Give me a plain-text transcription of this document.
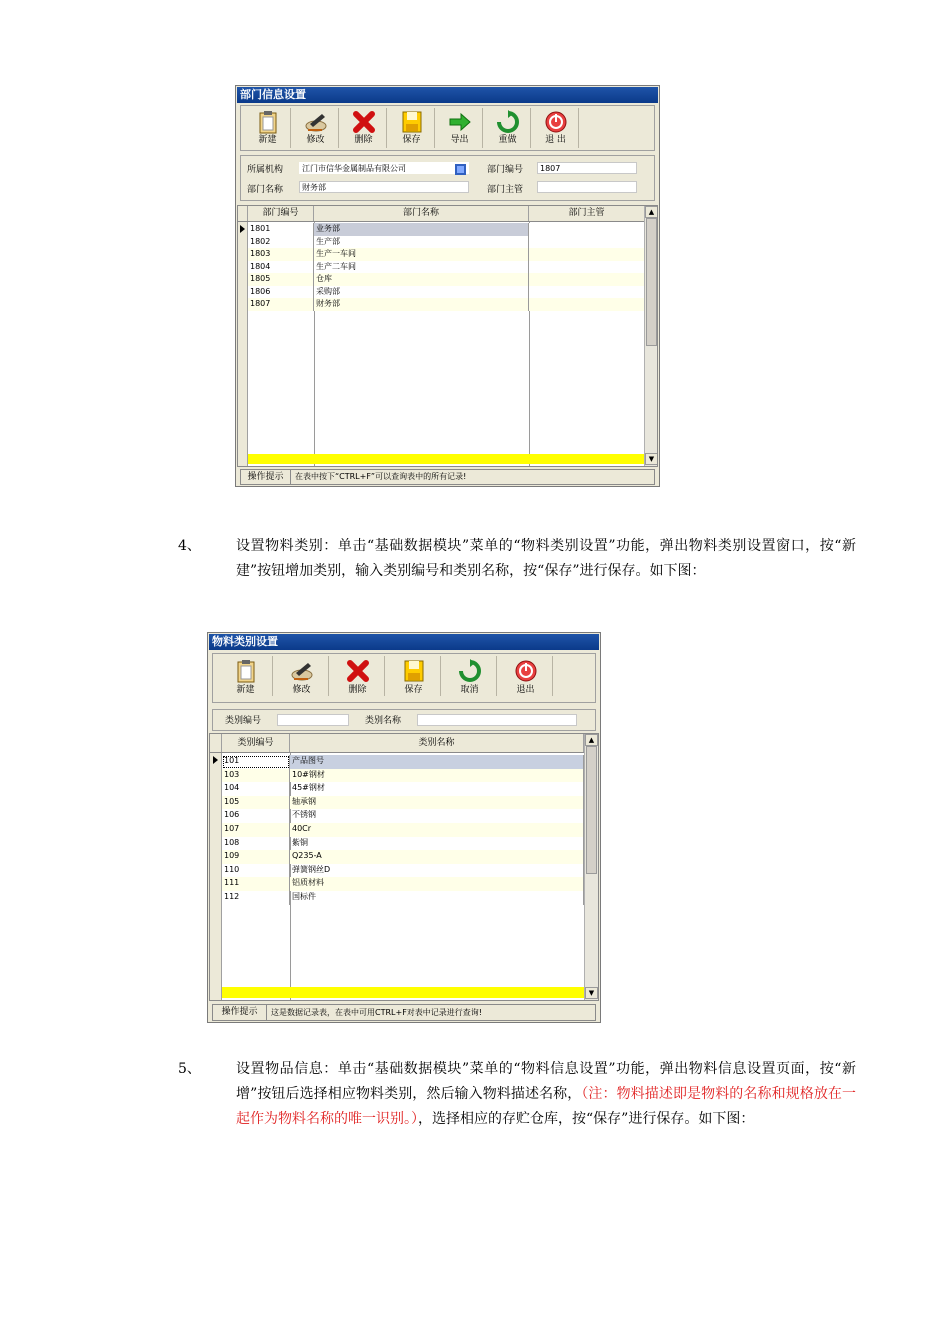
部门信息设置
新建	修改	删除	保存	导出	重做	退 出
所属机构	江门市信华金属制品有限公司	部门编号	1807
部门名称	财务部	部门主管
部门编号	部门名称	部门主管
1801	业务部
1802	生产部
1803	生产一车间
1804	生产二车间
1805	仓库
1806	采购部
1807	财务部
▲
▼
操作提示	在表中按下“CTRL+F”可以查询表中的所有记录!
4、	设置物料类别：单击“基础数据模块”菜单的“物料类别设置”功能，弹出物料类别设置窗口，按“新建”按钮增加类别，输入类别编号和类别名称，按“保存”进行保存。如下图：
物料类别设置
新建	修改	删除	保存	取消	退出
类别编号	类别名称
类别编号	类别名称
101	产品图号
103	10#钢材
104	45#钢材
105	轴承钢
106	不锈钢
107	40Cr
108	紫铜
109	Q235-A
110	弹簧钢丝D
111	铝质材料
112	国标件
▲
▼
操作提示	这是数据记录表，在表中可用CTRL+F对表中记录进行查询!
5、	设置物品信息：单击“基础数据模块”菜单的“物料信息设置”功能，弹出物料信息设置页面，按“新增”按钮后选择相应物料类别，然后输入物料描述名称，（注：物料描述即是物料的名称和规格放在一起作为物料名称的唯一识别。），选择相应的存贮仓库，按“保存”进行保存。如下图：
